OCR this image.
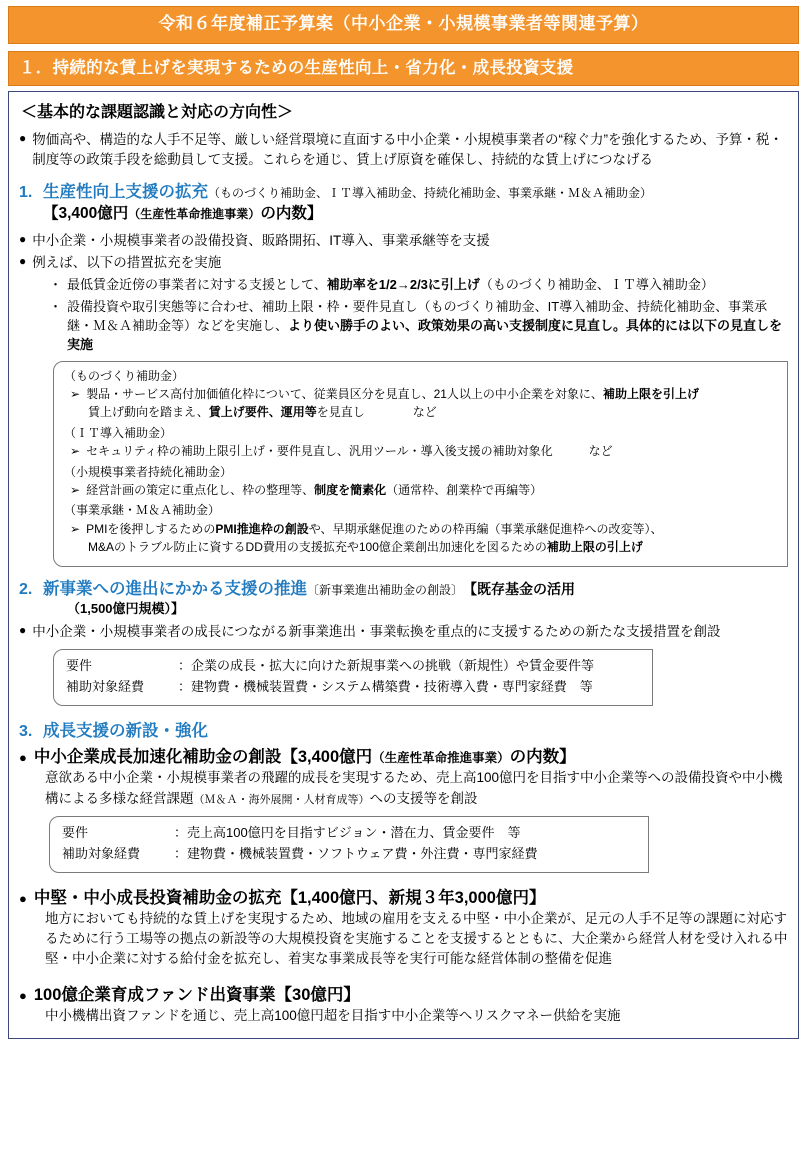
令和６年度補正予算案（中小企業・小規模事業者等関連予算）
１．持続的な賃上げを実現するための生産性向上・省力化・成長投資支援
＜基本的な課題認識と対応の方向性＞
● 物価高や、構造的な人手不足等、厳しい経営環境に直面する中小企業・小規模事業者の“稼ぐ力”を強化するため、予算・税・制度等の政策手段を総動員して支援。これらを通じ、賃上げ原資を確保し、持続的な賃上げにつなげる
1. 生産性向上支援の拡充 （ものづくり補助金、ＩＴ導入補助金、持続化補助金、事業承継・Ｍ＆Ａ補助金）
【3,400億円（生産性革命推進事業）の内数】
● 中小企業・小規模事業者の設備投資、販路開拓、IT導入、事業承継等を支援
● 例えば、以下の措置拡充を実施
・ 最低賃金近傍の事業者に対する支援として、補助率を1/2→2/3に引上げ（ものづくり補助金、ＩＴ導入補助金）
・ 設備投資や取引実態等に合わせ、補助上限・枠・要件見直し（ものづくり補助金、IT導入補助金、持続化補助金、事業承継・Ｍ＆Ａ補助金等）などを実施し、より使い勝手のよい、政策効果の高い支援制度に見直し。具体的には以下の見直しを実施
（ものづくり補助金）
➢ 製品・サービス高付加価値化枠について、従業員区分を見直し、21人以上の中小企業を対象に、補助上限を引上げ
賃上げ動向を踏まえ、賃上げ要件、運用等を見直し　　　　など
（ＩＴ導入補助金）
➢ セキュリティ枠の補助上限引上げ・要件見直し、汎用ツール・導入後支援の補助対象化　　　など
（小規模事業者持続化補助金）
➢ 経営計画の策定に重点化し、枠の整理等、制度を簡素化（通常枠、創業枠で再編等）
（事業承継・Ｍ＆Ａ補助金）
➢ PMIを後押しするためのPMI推進枠の創設や、早期承継促進のための枠再編（事業承継促進枠への改変等）、
M&Aのトラブル防止に資するDD費用の支援拡充や100億企業創出加速化を図るための補助上限の引上げ
2. 新事業への進出にかかる支援の推進 〔新事業進出補助金の創設〕 【既存基金の活用
（1,500億円規模）】
● 中小企業・小規模事業者の成長につながる新事業進出・事業転換を重点的に支援するための新たな支援措置を創設
要件	： 企業の成長・拡大に向けた新規事業への挑戦（新規性）や賃金要件等
補助対象経費	： 建物費・機械装置費・システム構築費・技術導入費・専門家経費　等
3. 成長支援の新設・強化
● 中小企業成長加速化補助金の創設【3,400億円（生産性革命推進事業）の内数】
意欲ある中小企業・小規模事業者の飛躍的成長を実現するため、売上高100億円を目指す中小企業等への設備投資や中小機構による多様な経営課題（Ｍ＆Ａ・海外展開・人材育成等）への支援等を創設
要件	： 売上高100億円を目指すビジョン・潜在力、賃金要件　等
補助対象経費	： 建物費・機械装置費・ソフトウェア費・外注費・専門家経費
● 中堅・中小成長投資補助金の拡充【1,400億円、新規３年3,000億円】
地方においても持続的な賃上げを実現するため、地域の雇用を支える中堅・中小企業が、足元の人手不足等の課題に対応するために行う工場等の拠点の新設等の大規模投資を実施することを支援するとともに、大企業から経営人材を受け入れる中堅・中小企業に対する給付金を拡充し、着実な事業成長等を実行可能な経営体制の整備を促進
● 100億企業育成ファンド出資事業【30億円】
中小機構出資ファンドを通じ、売上高100億円超を目指す中小企業等へリスクマネー供給を実施
